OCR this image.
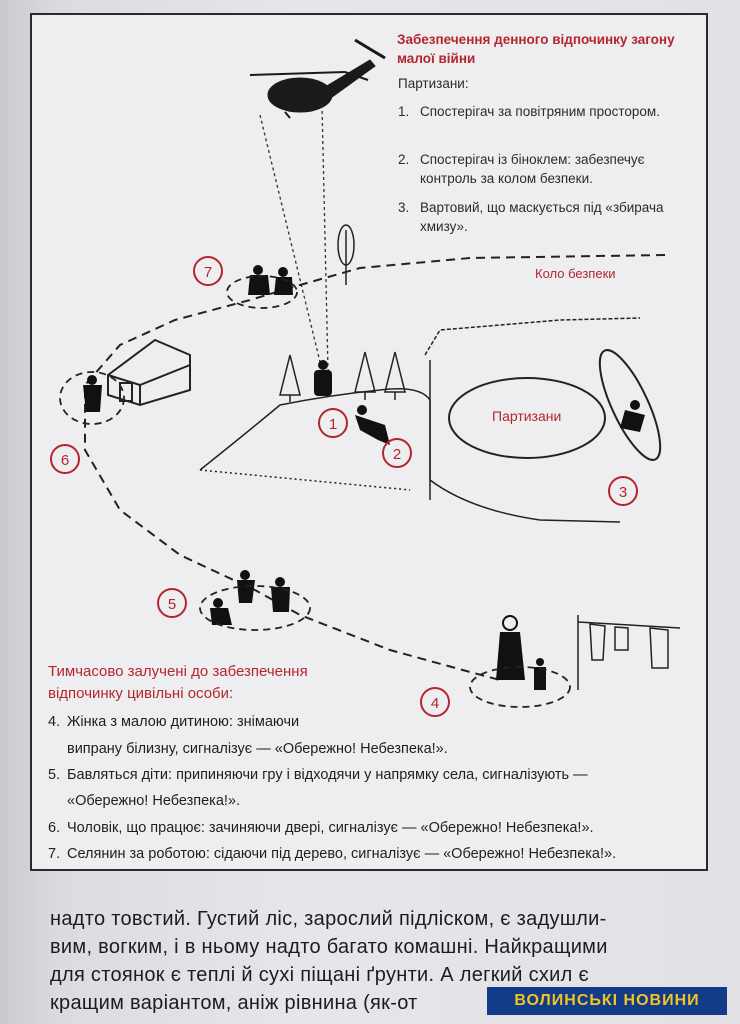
Забезпечення денного відпочинку загону малої війни
Партизани:
1. Спостерігач за повітряним простором.
2. Спостерігач із біноклем: забезпечує контроль за колом безпеки.
3. Вартовий, що маскується під «збирача хмизу».
Коло безпеки
Партизани
1
2
3
4
5
6
7
Тимчасово залучені до забезпечення відпочинку цивільні особи:
4. Жінка з малою дитиною: знімаючи
випрану білизну, сигналізує — «Обережно! Небезпека!».
5. Бавляться діти: припиняючи гру і відходячи у напрямку села, сигналізують —
«Обережно! Небезпека!».
6. Чоловік, що працює: зачиняючи двері, сигналізує — «Обережно! Небезпека!».
7. Селянин за роботою: сідаючи під дерево, сигналізує — «Обережно! Небезпека!».
надто товстий. Густий ліс, зарослий підліском, є задушли-
вим, вогким, і в ньому надто багато комашні. Найкращими
для стоянок є теплі й сухі піщані ґрунти. А легкий схил є
кращим варіантом, аніж рівнина (як-от	ВОЛИНСЬКІ НОВИНИ
